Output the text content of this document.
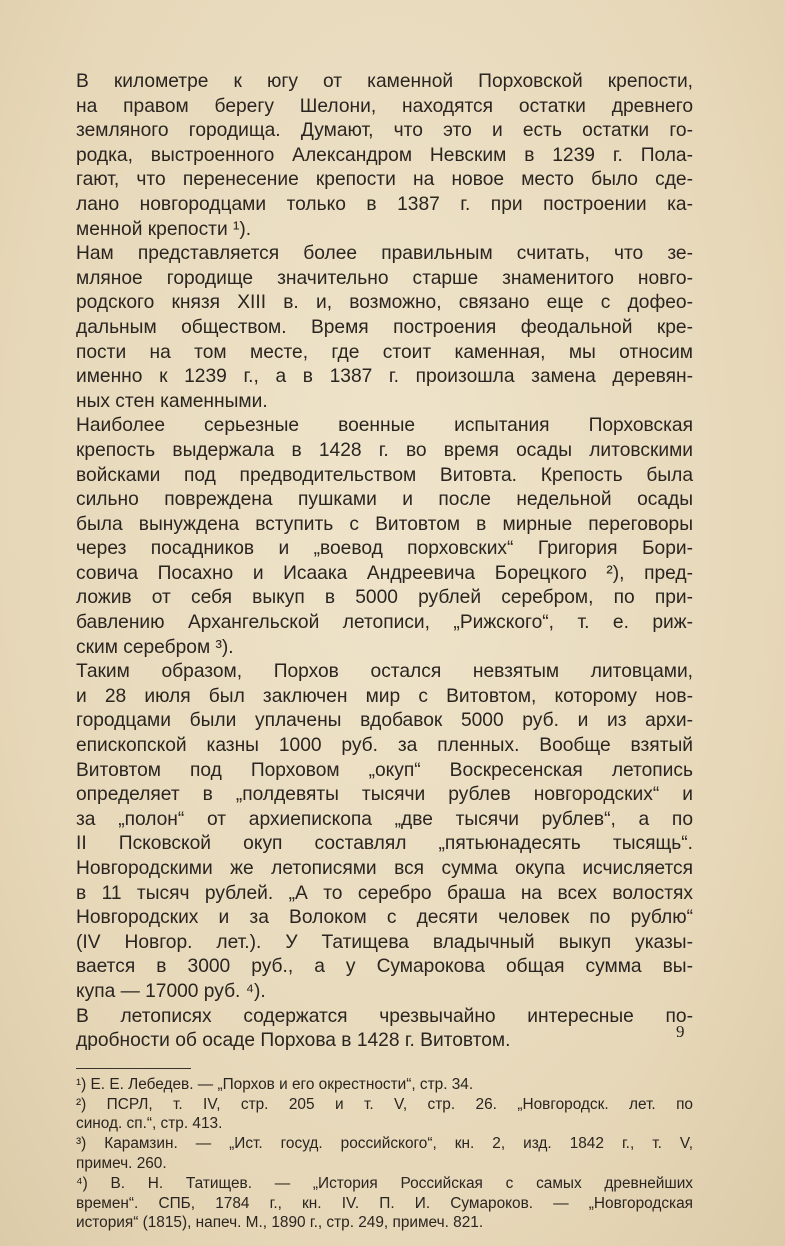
В километре к югу от каменной Порховской крепости,
на правом берегу Шелони, находятся остатки древнего
земляного городища. Думают, что это и есть остатки го-
родка, выстроенного Александром Невским в 1239 г. Пола-
гают, что перенесение крепости на новое место было сде-
лано новгородцами только в 1387 г. при построении ка-
менной крепости ¹).

Нам представляется более правильным считать, что зе-
мляное городище значительно старше знаменитого новго-
родского князя XIII в. и, возможно, связано еще с дофео-
дальным обществом. Время построения феодальной кре-
пости на том месте, где стоит каменная, мы относим
именно к 1239 г., а в 1387 г. произошла замена деревян-
ных стен каменными.

Наиболее серьезные военные испытания Порховская
крепость выдержала в 1428 г. во время осады литовскими
войсками под предводительством Витовта. Крепость была
сильно повреждена пушками и после недельной осады
была вынуждена вступить с Витовтом в мирные переговоры
через посадников и „воевод порховских“ Григория Бори-
совича Посахно и Исаака Андреевича Борецкого ²), пред-
ложив от себя выкуп в 5000 рублей серебром, по при-
бавлению Архангельской летописи, „Рижского“, т. е. риж-
ским серебром ³).

Таким образом, Порхов остался невзятым литовцами,
и 28 июля был заключен мир с Витовтом, которому нов-
городцами были уплачены вдобавок 5000 руб. и из архи-
епископской казны 1000 руб. за пленных. Вообще взятый
Витовтом под Порховом „окуп“ Воскресенская летопись
определяет в „полдевяты тысячи рублев новгородских“ и
за „полон“ от архиепископа „две тысячи рублев“, а по
II Псковской окуп составлял „пятьюнадесять тысящь“.
Новгородскими же летописями вся сумма окупа исчисляется
в 11 тысяч рублей. „А то серебро браша на всех волостях
Новгородских и за Волоком с десяти человек по рублю“
(IV Новгор. лет.). У Татищева владычный выкуп указы-
вается в 3000 руб., а у Сумарокова общая сумма вы-
купа — 17000 руб. ⁴).

В летописях содержатся чрезвычайно интересные по-
дробности об осаде Порхова в 1428 г. Витовтом.

¹) Е. Е. Лебедев. — „Порхов и его окрестности“, стр. 34.
²) ПСРЛ, т. IV, стр. 205 и т. V, стр. 26. „Новгородск. лет. по
синод. сп.“, стр. 413.
³) Карамзин. — „Ист. госуд. российского“, кн. 2, изд. 1842 г., т. V,
примеч. 260.
⁴) В. Н. Татищев. — „История Российская с самых древнейших
времен“. СПБ, 1784 г., кн. IV. П. И. Сумароков. — „Новгородская
история“ (1815), напеч. М., 1890 г., стр. 249, примеч. 821.
9
